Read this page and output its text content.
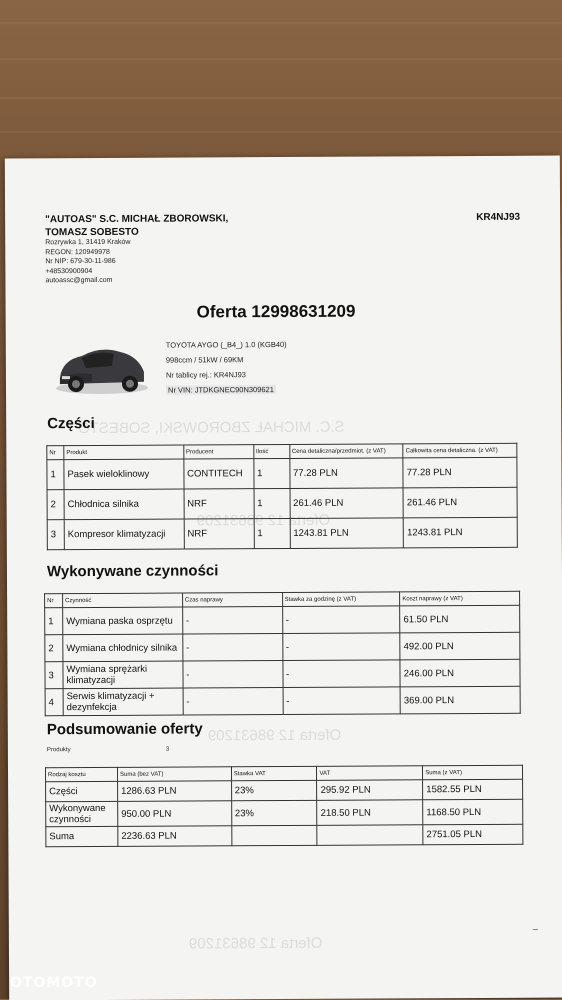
S.C. MICHAŁ ZBOROWSKI, SOBESTO
Oferta 12 98631209
Oferta 12 98631209
Oferta 12 98631209
"AUTOAS" S.C. MICHAŁ ZBOROWSKI,
TOMASZ SOBESTO
Rozrywka 1, 31419 Kraków
REGON: 120949978
Nr NIP: 679-30-11-986
+48530900904
autoassc@gmail.com
KR4NJ93
Oferta 12998631209
TOYOTA AYGO (_B4_) 1.0 (KGB40)
998ccm / 51kW / 69KM
Nr tablicy rej.: KR4NJ93
Nr VIN: JTDKGNEC90N309621
Części
Nr	Produkt	Producent	Ilość	Cena detaliczna/przedmiot. (z VAT)	Całkowita cena detaliczna. (z VAT)
1	Pasek wieloklinowy	CONTITECH	1	77.28 PLN	77.28 PLN
2	Chłodnica silnika	NRF	1	261.46 PLN	261.46 PLN
3	Kompresor klimatyzacji	NRF	1	1243.81 PLN	1243.81 PLN
Wykonywane czynności
Nr	Czynność	Czas naprawy	Stawka za godzinę (z VAT)	Koszt naprawy (z VAT)
1	Wymiana paska osprzętu	-	-	61.50 PLN
2	Wymiana chłodnicy silnika	-	-	492.00 PLN
3	Wymiana sprężarki klimatyzacji	-	-	246.00 PLN
4	Serwis klimatyzacji + dezynfekcja	-	-	369.00 PLN
Podsumowanie oferty
Produkty	3
Rodzaj kosztu	Suma (bez VAT)	Stawka VAT	VAT	Suma (z VAT)
Części	1286.63 PLN	23%	295.92 PLN	1582.55 PLN
Wykonywane czynności	950.00 PLN	23%	218.50 PLN	1168.50 PLN
Suma	2236.63 PLN			2751.05 PLN
–
OTOMOTO
